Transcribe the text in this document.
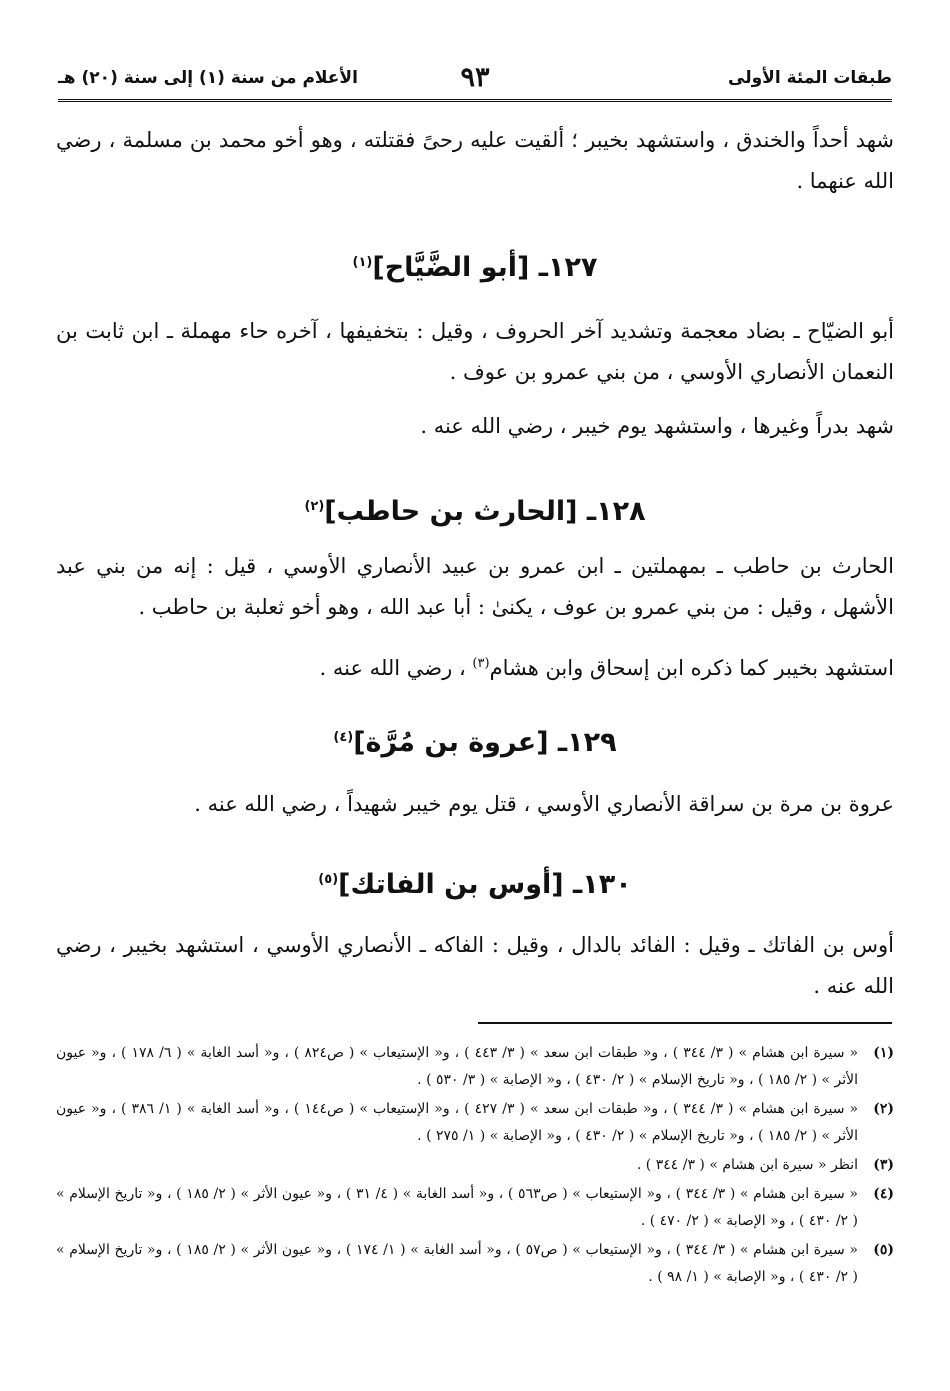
طبقات المئة الأولى
٩٣
الأعلام من سنة (١) إلى سنة (٢٠) هـ
شهد أحداً والخندق ، واستشهد بخيبر ؛ ألقيت عليه رحىً فقتلته ، وهو أخو محمد بن مسلمة ، رضي الله عنهما .
١٢٧ـ [أبو الضَّيَّاح]$^{(١)}$
أبو الضيّاح ـ بضاد معجمة وتشديد آخر الحروف ، وقيل : بتخفيفها ، آخره حاء مهملة ـ ابن ثابت بن النعمان الأنصاري الأوسي ، من بني عمرو بن عوف .
شهد بدراً وغيرها ، واستشهد يوم خيبر ، رضي الله عنه .
١٢٨ـ [الحارث بن حاطب]$^{(٢)}$
الحارث بن حاطب ـ بمهملتين ـ ابن عمرو بن عبيد الأنصاري الأوسي ، قيل : إنه من بني عبد الأشهل ، وقيل : من بني عمرو بن عوف ، يكنىٰ : أبا عبد الله ، وهو أخو ثعلبة بن حاطب .
استشهد بخيبر كما ذكره ابن إسحاق وابن هشام$^{(٣)}$ ، رضي الله عنه .
١٢٩ـ [عروة بن مُرَّة]$^{(٤)}$
عروة بن مرة بن سراقة الأنصاري الأوسي ، قتل يوم خيبر شهيداً ، رضي الله عنه .
١٣٠ـ [أوس بن الفاتك]$^{(٥)}$
أوس بن الفاتك ـ وقيل : الفائد بالدال ، وقيل : الفاكه ـ الأنصاري الأوسي ، استشهد بخيبر ، رضي الله عنه .
(١)
« سيرة ابن هشام » ( ٣/ ٣٤٤ ) ، و« طبقات ابن سعد » ( ٣/ ٤٤٣ ) ، و« الإستيعاب » ( ص٨٢٤ ) ، و« أسد الغابة » ( ٦/ ١٧٨ ) ، و« عيون الأثر » ( ٢/ ١٨٥ ) ، و« تاريخ الإسلام » ( ٢/ ٤٣٠ ) ، و« الإصابة » ( ٣/ ٥٣٠ ) .
(٢)
« سيرة ابن هشام » ( ٣/ ٣٤٤ ) ، و« طبقات ابن سعد » ( ٣/ ٤٢٧ ) ، و« الإستيعاب » ( ص١٤٤ ) ، و« أسد الغابة » ( ١/ ٣٨٦ ) ، و« عيون الأثر » ( ٢/ ١٨٥ ) ، و« تاريخ الإسلام » ( ٢/ ٤٣٠ ) ، و« الإصابة » ( ١/ ٢٧٥ ) .
(٣)
انظر « سيرة ابن هشام » ( ٣/ ٣٤٤ ) .
(٤)
« سيرة ابن هشام » ( ٣/ ٣٤٤ ) ، و« الإستيعاب » ( ص٥٦٣ ) ، و« أسد الغابة » ( ٤/ ٣١ ) ، و« عيون الأثر » ( ٢/ ١٨٥ ) ، و« تاريخ الإسلام » ( ٢/ ٤٣٠ ) ، و« الإصابة » ( ٢/ ٤٧٠ ) .
(٥)
« سيرة ابن هشام » ( ٣/ ٣٤٤ ) ، و« الإستيعاب » ( ص٥٧ ) ، و« أسد الغابة » ( ١/ ١٧٤ ) ، و« عيون الأثر » ( ٢/ ١٨٥ ) ، و« تاريخ الإسلام » ( ٢/ ٤٣٠ ) ، و« الإصابة » ( ١/ ٩٨ ) .
